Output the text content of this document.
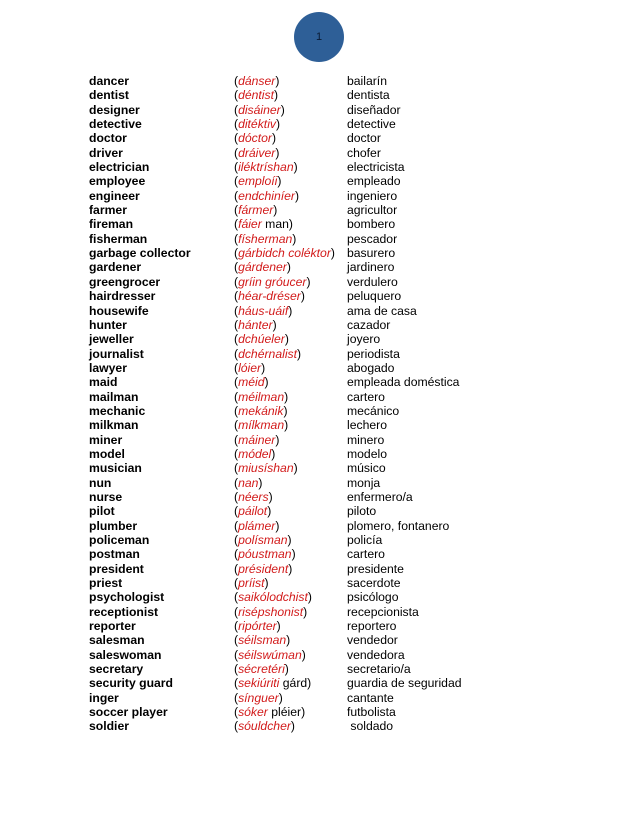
1
dancer	(dánser)	bailarín
dentist	(déntist)	dentista
designer	(disáiner)	diseñador
detective	(ditéktiv)	detective
doctor	(dóctor)	doctor
driver	(dráiver)	chofer
electrician	(iléktríshan)	electricista
employee	(emploíi)	empleado
engineer	(endchiníer)	ingeniero
farmer	(fármer)	agricultor
fireman	(fáier man)	bombero
fisherman	(físherman)	pescador
garbage collector	(gárbidch coléktor) basurero
gardener	(gárdener)	jardinero
greengrocer	(gríin gróucer)	verdulero
hairdresser	(héar-dréser)	peluquero
housewife	(háus-uáif)	ama de casa
hunter	(hánter)	cazador
jeweller	(dchúeler)	joyero
journalist	(dchérnalist)	periodista
lawyer	(lóier)	abogado
maid	(méid)	empleada doméstica
mailman	(méilman)	cartero
mechanic	(mekánik)	mecánico
milkman	(mílkman)	lechero
miner	(máiner)	minero
model	(módel)	modelo
musician	(miusíshan)	músico
nun	(nan)	monja
nurse	(néers)	enfermero/a
pilot	(páilot)	piloto
plumber	(plámer)	plomero, fontanero
policeman	(polísman)	policía
postman	(póustman)	cartero
president	(président)	presidente
priest	(príist)	sacerdote
psychologist	(saikólodchist)	psicólogo
receptionist	(risépshonist)	recepcionista
reporter	(ripórter)	reportero
salesman	(séilsman)	vendedor
saleswoman	(séilswúman)	vendedora
secretary	(sécretéri)	secretario/a
security guard	(sekiúriti gárd)	guardia de seguridad
inger	(sínguer)	cantante
soccer player	(sóker pléier)	futbolista
soldier	(sóuldcher)	soldado
